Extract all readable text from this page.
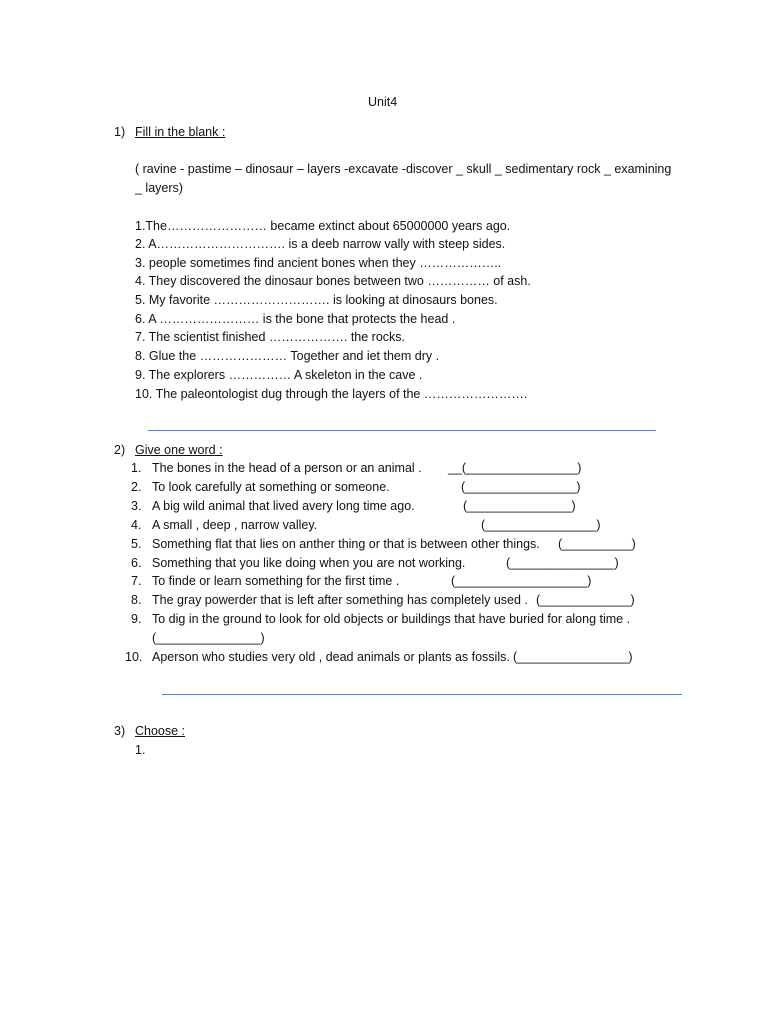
Unit4
1) Fill in the blank :
( ravine - pastime – dinosaur – layers -excavate -discover _ skull _ sedimentary rock _ examining
_ layers)
1.The…………………… became extinct about 65000000 years ago.
2. A…………………………. is a deeb narrow vally with steep sides.
3. people sometimes find ancient bones when they ………………..
4. They discovered the dinosaur bones between two …………… of ash.
5. My favorite ………………………. is looking at dinosaurs bones.
6. A …………………… is the bone that protects the head .
7. The scientist finished ………………. the rocks.
8. Glue the ………………… Together and iet them dry .
9. The explorers …………… A skeleton in the cave .
10. The paleontologist dug through the layers of the …………………….
2) Give one word :
1. The bones in the head of a person or an animal . __(________________)
2. To look carefully at something or someone.	(________________)
3. A big wild animal that lived avery long time ago.	(_______________)
4. A small , deep , narrow valley.	(________________)
5. Something flat that lies on anther thing or that is between other things. (__________)
6. Something that you like doing when you are not working.	(_______________)
7. To finde or learn something for the first time .	(___________________)
8. The gray powerder that is left after something has completely used . (_____________)
9. To dig in the ground to look for old objects or buildings that have buried for along time .
(_______________)
10. Aperson who studies very old , dead animals or plants as fossils. (________________)
3) Choose :
1.
